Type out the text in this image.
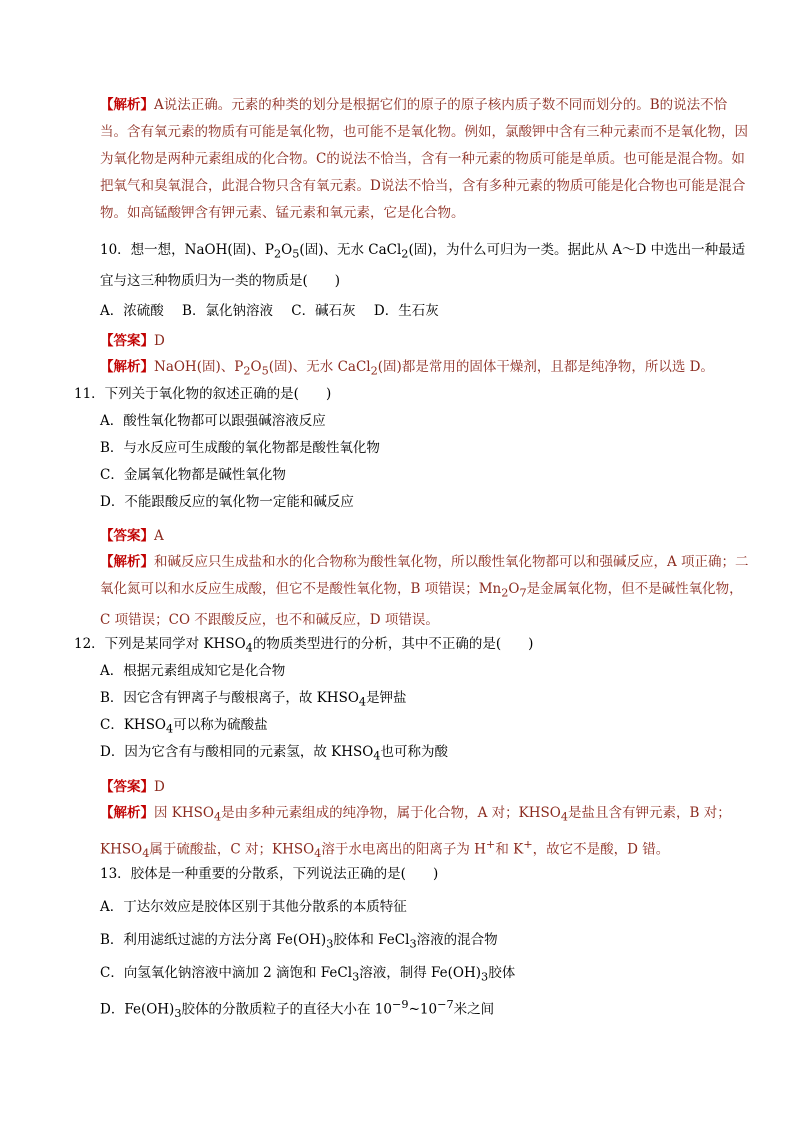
【解析】A说法正确。元素的种类的划分是根据它们的原子的原子核内质子数不同而划分的。B的说法不恰当。含有氧元素的物质有可能是氧化物，也可能不是氧化物。例如，氯酸钾中含有三种元素而不是氧化物，因为氧化物是两种元素组成的化合物。C的说法不恰当，含有一种元素的物质可能是单质。也可能是混合物。如把氧气和臭氧混合，此混合物只含有氧元素。D说法不恰当，含有多种元素的物质可能是化合物也可能是混合物。如高锰酸钾含有钾元素、锰元素和氧元素，它是化合物。

10．想一想，NaOH(固)、$P_2O_5$(固)、无水 CaCl$_2$(固)，为什么可归为一类。据此从 A～D 中选出一种最适宜与这三种物质归为一类的物质是(　　)

A．浓硫酸 B．氯化钠溶液 C．碱石灰 D．生石灰

【答案】D

【解析】NaOH(固)、$P_2O_5$(固)、无水 CaCl$_2$(固)都是常用的固体干燥剂，且都是纯净物，所以选 D。

11．下列关于氧化物的叙述正确的是(　　)

A．酸性氧化物都可以跟强碱溶液反应

B．与水反应可生成酸的氧化物都是酸性氧化物

C．金属氧化物都是碱性氧化物

D．不能跟酸反应的氧化物一定能和碱反应

【答案】A

【解析】和碱反应只生成盐和水的化合物称为酸性氧化物，所以酸性氧化物都可以和强碱反应，A 项正确；二氧化氮可以和水反应生成酸，但它不是酸性氧化物，B 项错误；$Mn_2O_7$是金属氧化物，但不是碱性氧化物，C 项错误；CO 不跟酸反应，也不和碱反应，D 项错误。

12．下列是某同学对 $KHSO_4$的物质类型进行的分析，其中不正确的是(　　)

A．根据元素组成知它是化合物

B．因它含有钾离子与酸根离子，故 $KHSO_4$是钾盐

C．$KHSO_4$可以称为硫酸盐

D．因为它含有与酸相同的元素氢，故 $KHSO_4$也可称为酸

【答案】D

【解析】因 $KHSO_4$是由多种元素组成的纯净物，属于化合物，A 对；$KHSO_4$是盐且含有钾元素，B 对；$KHSO_4$属于硫酸盐，C 对；$KHSO_4$溶于水电离出的阳离子为 H+和 K+，故它不是酸，D 错。

13．胶体是一种重要的分散系，下列说法正确的是(　　)

A．丁达尔效应是胶体区别于其他分散系的本质特征

B．利用滤纸过滤的方法分离 $Fe(OH)_3$胶体和 FeCl$_3$溶液的混合物

C．向氢氧化钠溶液中滴加 2 滴饱和 FeCl$_3$溶液，制得 $Fe(OH)_3$胶体

D．$Fe(OH)_3$胶体的分散质粒子的直径大小在 $10^{-9}\sim 10^{-7}$米之间
